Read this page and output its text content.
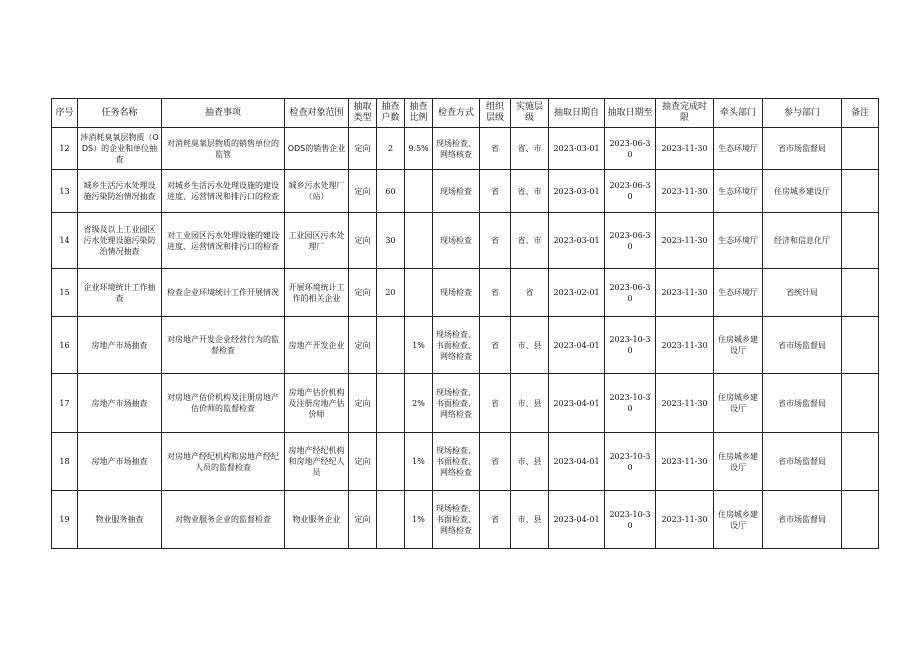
序号	任务名称	抽查事项	检查对象范围	抽取类型	抽查户数	抽查比例	检查方式	组织层级	实施层级	抽取日期自	抽取日期至	抽查完成时限	牵头部门	参与部门	备注
12	涉消耗臭氧层物质（ODS）的企业和单位抽查	对消耗臭氧层物质的销售单位的监管	ODS的销售企业	定向	2	9.5%	现场检查、网络核查	省	省、市	2023-03-01	2023-06-30	2023-11-30	生态环境厅	省市场监督局	
13	城乡生活污水处理设施污染防治情况抽查	对城乡生活污水处理设施的建设进度、运营情况和排污口的检查	城乡污水处理厂（站）	定向	60		现场检查	省	省、市	2023-03-01	2023-06-30	2023-11-30	生态环境厅	住房城乡建设厅	
14	省级及以上工业园区污水处理设施污染防治情况抽查	对工业园区污水处理设施的建设进度、运营情况和排污口的检查	工业园区污水处理厂	定向	30		现场检查	省	省、市	2023-03-01	2023-06-30	2023-11-30	生态环境厅	经济和信息化厅	
15	企业环境统计工作抽查	检查企业环境统计工作开展情况	开展环境统计工作的相关企业	定向	20		现场检查	省	省	2023-02-01	2023-06-30	2023-11-30	生态环境厅	省统计局	
16	房地产市场抽查	对房地产开发企业经营行为的监督检查	房地产开发企业	定向		1%	现场检查、书面检查、网络检查	省	市、县	2023-04-01	2023-10-30	2023-11-30	住房城乡建设厅	省市场监督局	
17	房地产市场抽查	对房地产估价机构及注册房地产估价师的监督检查	房地产估价机构及注册房地产估价师	定向		2%	现场检查、书面检查、网络检查	省	市、县	2023-04-01	2023-10-30	2023-11-30	住房城乡建设厅	省市场监督局	
18	房地产市场抽查	对房地产经纪机构和房地产经纪人员的监督检查	房地产经纪机构和房地产经纪人员	定向		1%	现场检查、书面检查、网络检查	省	市、县	2023-04-01	2023-10-30	2023-11-30	住房城乡建设厅	省市场监督局	
19	物业服务抽查	对物业服务企业的监督检查	物业服务企业	定向		1%	现场检查、书面检查、网络检查	省	市、县	2023-04-01	2023-10-30	2023-11-30	住房城乡建设厅	省市场监督局	
